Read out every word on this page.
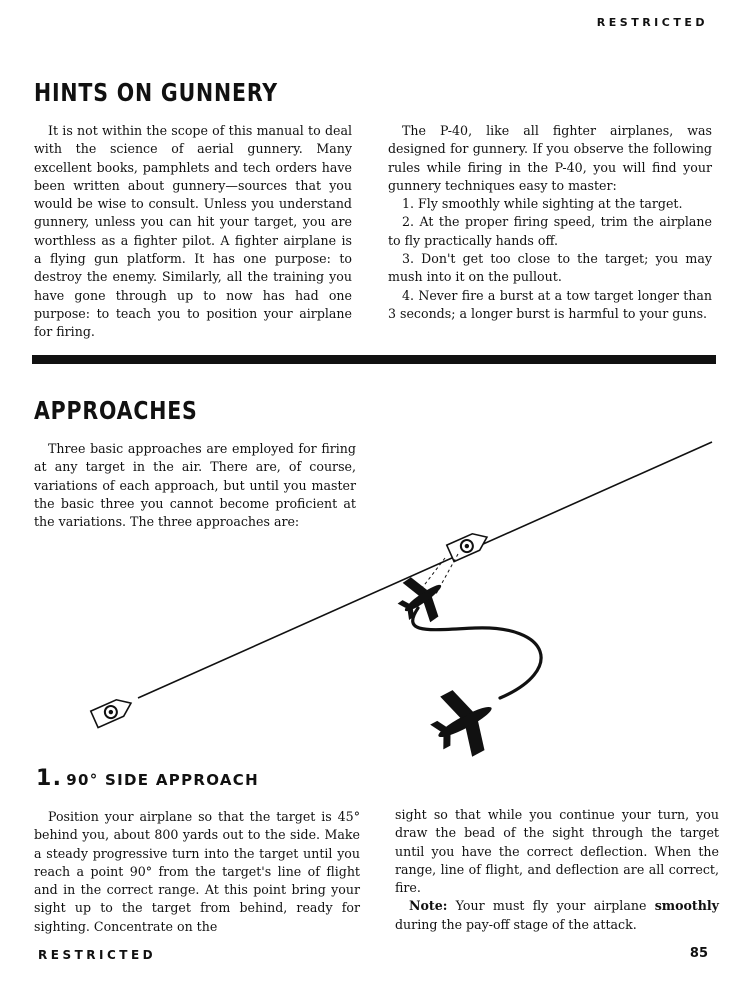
RESTRICTED
HINTS ON GUNNERY

It is not within the scope of this manual to deal with the science of aerial gunnery. Many excellent books, pamphlets and tech orders have been written about gunnery—sources that you would be wise to consult. Unless you understand gunnery, unless you can hit your target, you are worthless as a fighter pilot. A fighter airplane is a flying gun platform. It has one purpose: to destroy the enemy. Similarly, all the training you have gone through up to now has had one purpose: to teach you to position your airplane for firing.

The P-40, like all fighter airplanes, was designed for gunnery. If you observe the following rules while firing in the P-40, you will find your gunnery techniques easy to master:

1. Fly smoothly while sighting at the target.

2. At the proper firing speed, trim the airplane to fly practically hands off.

3. Don't get too close to the target; you may mush into it on the pullout.

4. Never fire a burst at a tow target longer than 3 seconds; a longer burst is harmful to your guns.

APPROACHES

Three basic approaches are employed for firing at any target in the air. There are, of course, variations of each approach, but until you master the basic three you cannot become proficient at the variations. The three approaches are:

1. 90° SIDE APPROACH

Position your airplane so that the target is 45° behind you, about 800 yards out to the side. Make a steady progressive turn into the target until you reach a point 90° from the target's line of flight and in the correct range. At this point bring your sight up to the target from behind, ready for sighting. Concentrate on the

sight so that while you continue your turn, you draw the bead of the sight through the target until you have the correct deflection. When the range, line of flight, and deflection are all correct, fire.

Note: Your must fly your airplane smoothly during the pay-off stage of the attack.

RESTRICTED	85
